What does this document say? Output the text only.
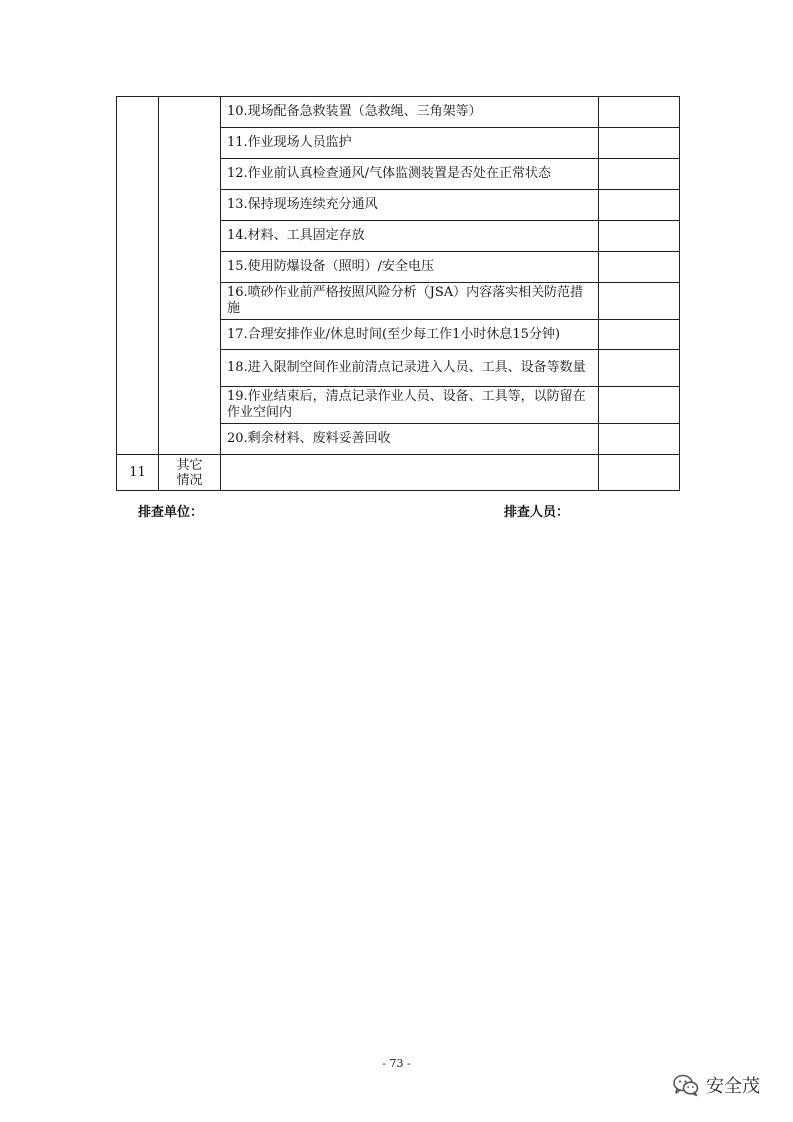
		10.现场配备急救装置（急救绳、三角架等）	
		11.作业现场人员监护	
		12.作业前认真检查通风/气体监测装置是否处在正常状态	
		13.保持现场连续充分通风	
		14.材料、工具固定存放	
		15.使用防爆设备（照明）/安全电压	
		16.喷砂作业前严格按照风险分析（JSA）内容落实相关防范措施	
		17.合理安排作业/休息时间(至少每工作1小时休息15分钟)	
		18.进入限制空间作业前清点记录进入人员、工具、设备等数量	
		19.作业结束后，清点记录作业人员、设备、工具等，以防留在作业空间内	
		20.剩余材料、废料妥善回收	
11	其它
情况		
排查单位：	排查人员：
- 73 -
安全茂
